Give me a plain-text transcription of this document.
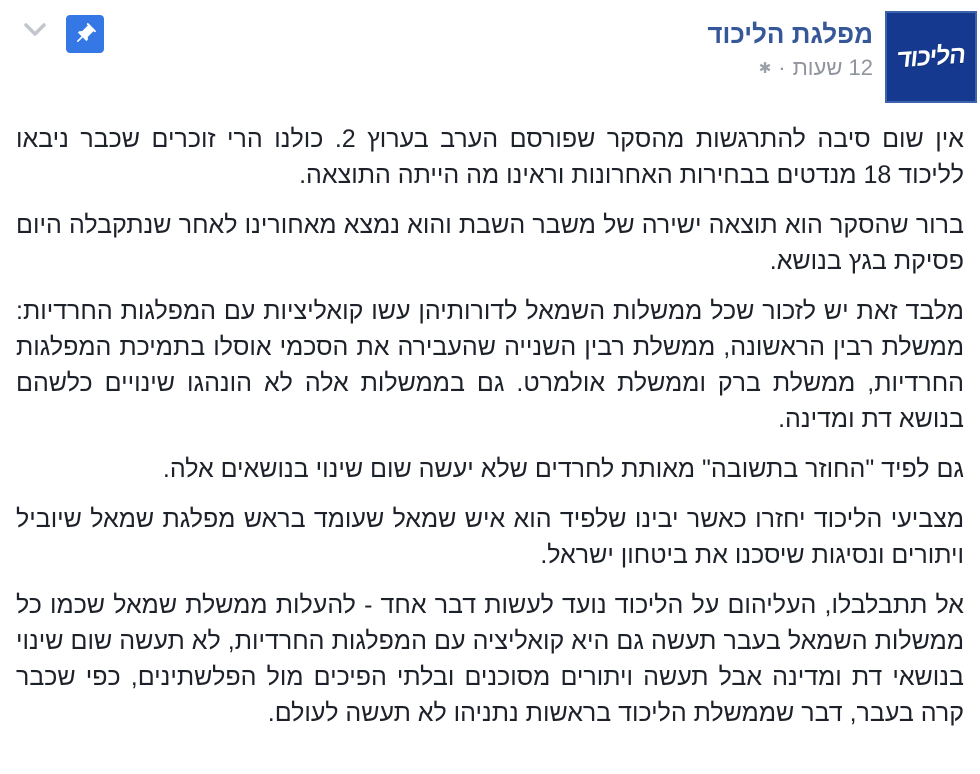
הליכוד
מפלגת הליכוד
12 שעות
·
✱

אין שום סיבה להתרגשות מהסקר שפורסם הערב בערוץ 2. כולנו הרי זוכרים שכבר ניבאו לליכוד 18 מנדטים בבחירות האחרונות וראינו מה הייתה התוצאה.

ברור שהסקר הוא תוצאה ישירה של משבר השבת והוא נמצא מאחורינו לאחר שנתקבלה היום פסיקת בגץ בנושא.

מלבד זאת יש לזכור שכל ממשלות השמאל לדורותיהן עשו קואליציות עם המפלגות החרדיות: ממשלת רבין הראשונה, ממשלת רבין השנייה שהעבירה את הסכמי אוסלו בתמיכת המפלגות החרדיות, ממשלת ברק וממשלת אולמרט. גם בממשלות אלה לא הונהגו שינויים כלשהם בנושא דת ומדינה.

גם לפיד "החוזר בתשובה" מאותת לחרדים שלא יעשה שום שינוי בנושאים אלה.

מצביעי הליכוד יחזרו כאשר יבינו שלפיד הוא איש שמאל שעומד בראש מפלגת שמאל שיוביל ויתורים ונסיגות שיסכנו את ביטחון ישראל.

אל תתבלבלו, העליהום על הליכוד נועד לעשות דבר אחד - להעלות ממשלת שמאל שכמו כל ממשלות השמאל בעבר תעשה גם היא קואליציה עם המפלגות החרדיות, לא תעשה שום שינוי בנושאי דת ומדינה אבל תעשה ויתורים מסוכנים ובלתי הפיכים מול הפלשתינים, כפי שכבר קרה בעבר, דבר שממשלת הליכוד בראשות נתניהו לא תעשה לעולם.
